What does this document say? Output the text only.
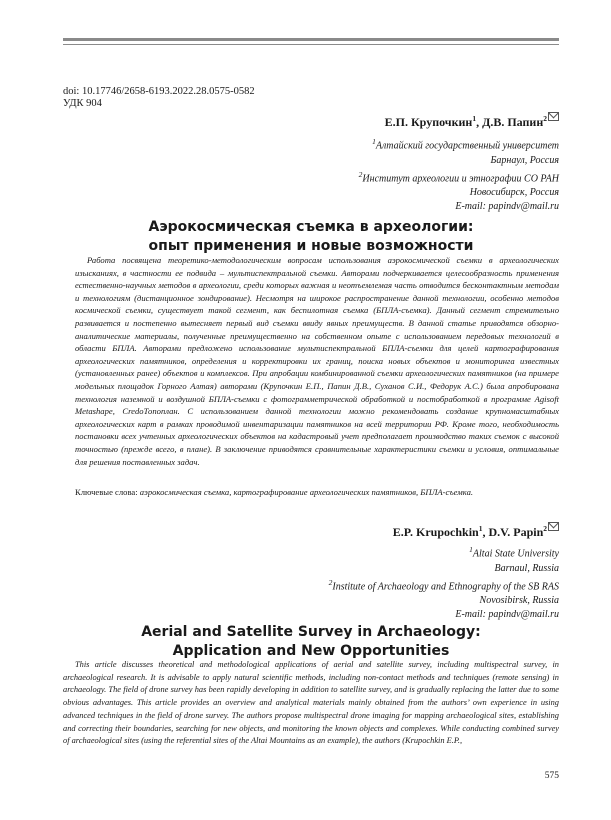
doi: 10.17746/2658-6193.2022.28.0575-0582
УДК 904
Е.П. Крупочкин$^1$, Д.В. Папин$^2$
$^1$Алтайский государственный университет
Барнаул, Россия
$^2$Институт археологии и этнографии СО РАН
Новосибирск, Россия
E-mail: papindv@mail.ru
Аэрокосмическая съемка в археологии:
опыт применения и новые возможности

Работа посвящена теоретико-методологическим вопросам использования аэрокосмической съемки в археологических изысканиях, в частности ее подвида – мультиспектральной съемки. Авторами подчеркивается целесообразность применения естественно-научных методов в археологии, среди которых важная и неотъемлемая часть отводится бесконтактным методам и технологиям (дистанционное зондирование). Несмотря на широкое распространение данной технологии, особенно методов космической съемки, существует такой сегмент, как беспилотная съемка (БПЛА-съемка). Данный сегмент стремительно развивается и постепенно вытесняет первый вид съемки ввиду явных преимуществ. В данной статье приводятся обзорно-аналитические материалы, полученные преимущественно на собственном опыте с использованием передовых технологий в области БПЛА. Авторами предложено использование мультиспектральной БПЛА-съемки для целей картографирования археологических памятников, определения и корректировки их границ, поиска новых объектов и мониторинга известных (установленных ранее) объектов и комплексов. При апробации комбинированной съемки археологических памятников (на примере модельных площадок Горного Алтая) авторами (Крупочкин Е.П., Папин Д.В., Суханов С.И., Федорук А.С.) была апробирована технология наземной и воздушной БПЛА-съемки с фотограмметрической обработкой и постобработкой в программе Agisoft Metashape, CredoТопоплан. С использованием данной технологии можно рекомендовать создание крупномасштабных археологических карт в рамках проводимой инвентаризации памятников на всей территории РФ. Кроме того, необходимость постановки всех учтенных археологических объектов на кадастровый учет предполагает производство таких съемок с высокой точностью (прежде всего, в плане). В заключение приводятся сравнительные характеристики съемки и условия, оптимальные для решения поставленных задач.

Ключевые слова: аэрокосмическая съемка, картографирование археологических памятников, БПЛА-съемка.
E.P. Krupochkin$^1$, D.V. Papin$^2$
$^1$Altai State University
Barnaul, Russia
$^2$Institute of Archaeology and Ethnography of the SB RAS
Novosibirsk, Russia
E-mail: papindv@mail.ru
Aerial and Satellite Survey in Archaeology:
Application and New Opportunities

This article discusses theoretical and methodological applications of aerial and satellite survey, including multispectral survey, in archaeological research. It is advisable to apply natural scientific methods, including non-contact methods and techniques (remote sensing) in archaeology. The field of drone survey has been rapidly developing in addition to satellite survey, and is gradually replacing the latter due to some obvious advantages. This article provides an overview and analytical materials mainly obtained from the authors’ own experience in using advanced techniques in the field of drone survey. The authors propose multispectral drone imaging for mapping archaeological sites, establishing and correcting their boundaries, searching for new objects, and monitoring the known objects and complexes. While conducting combined survey of archaeological sites (using the referential sites of the Altai Mountains as an example), the authors (Krupochkin E.P.,

575
